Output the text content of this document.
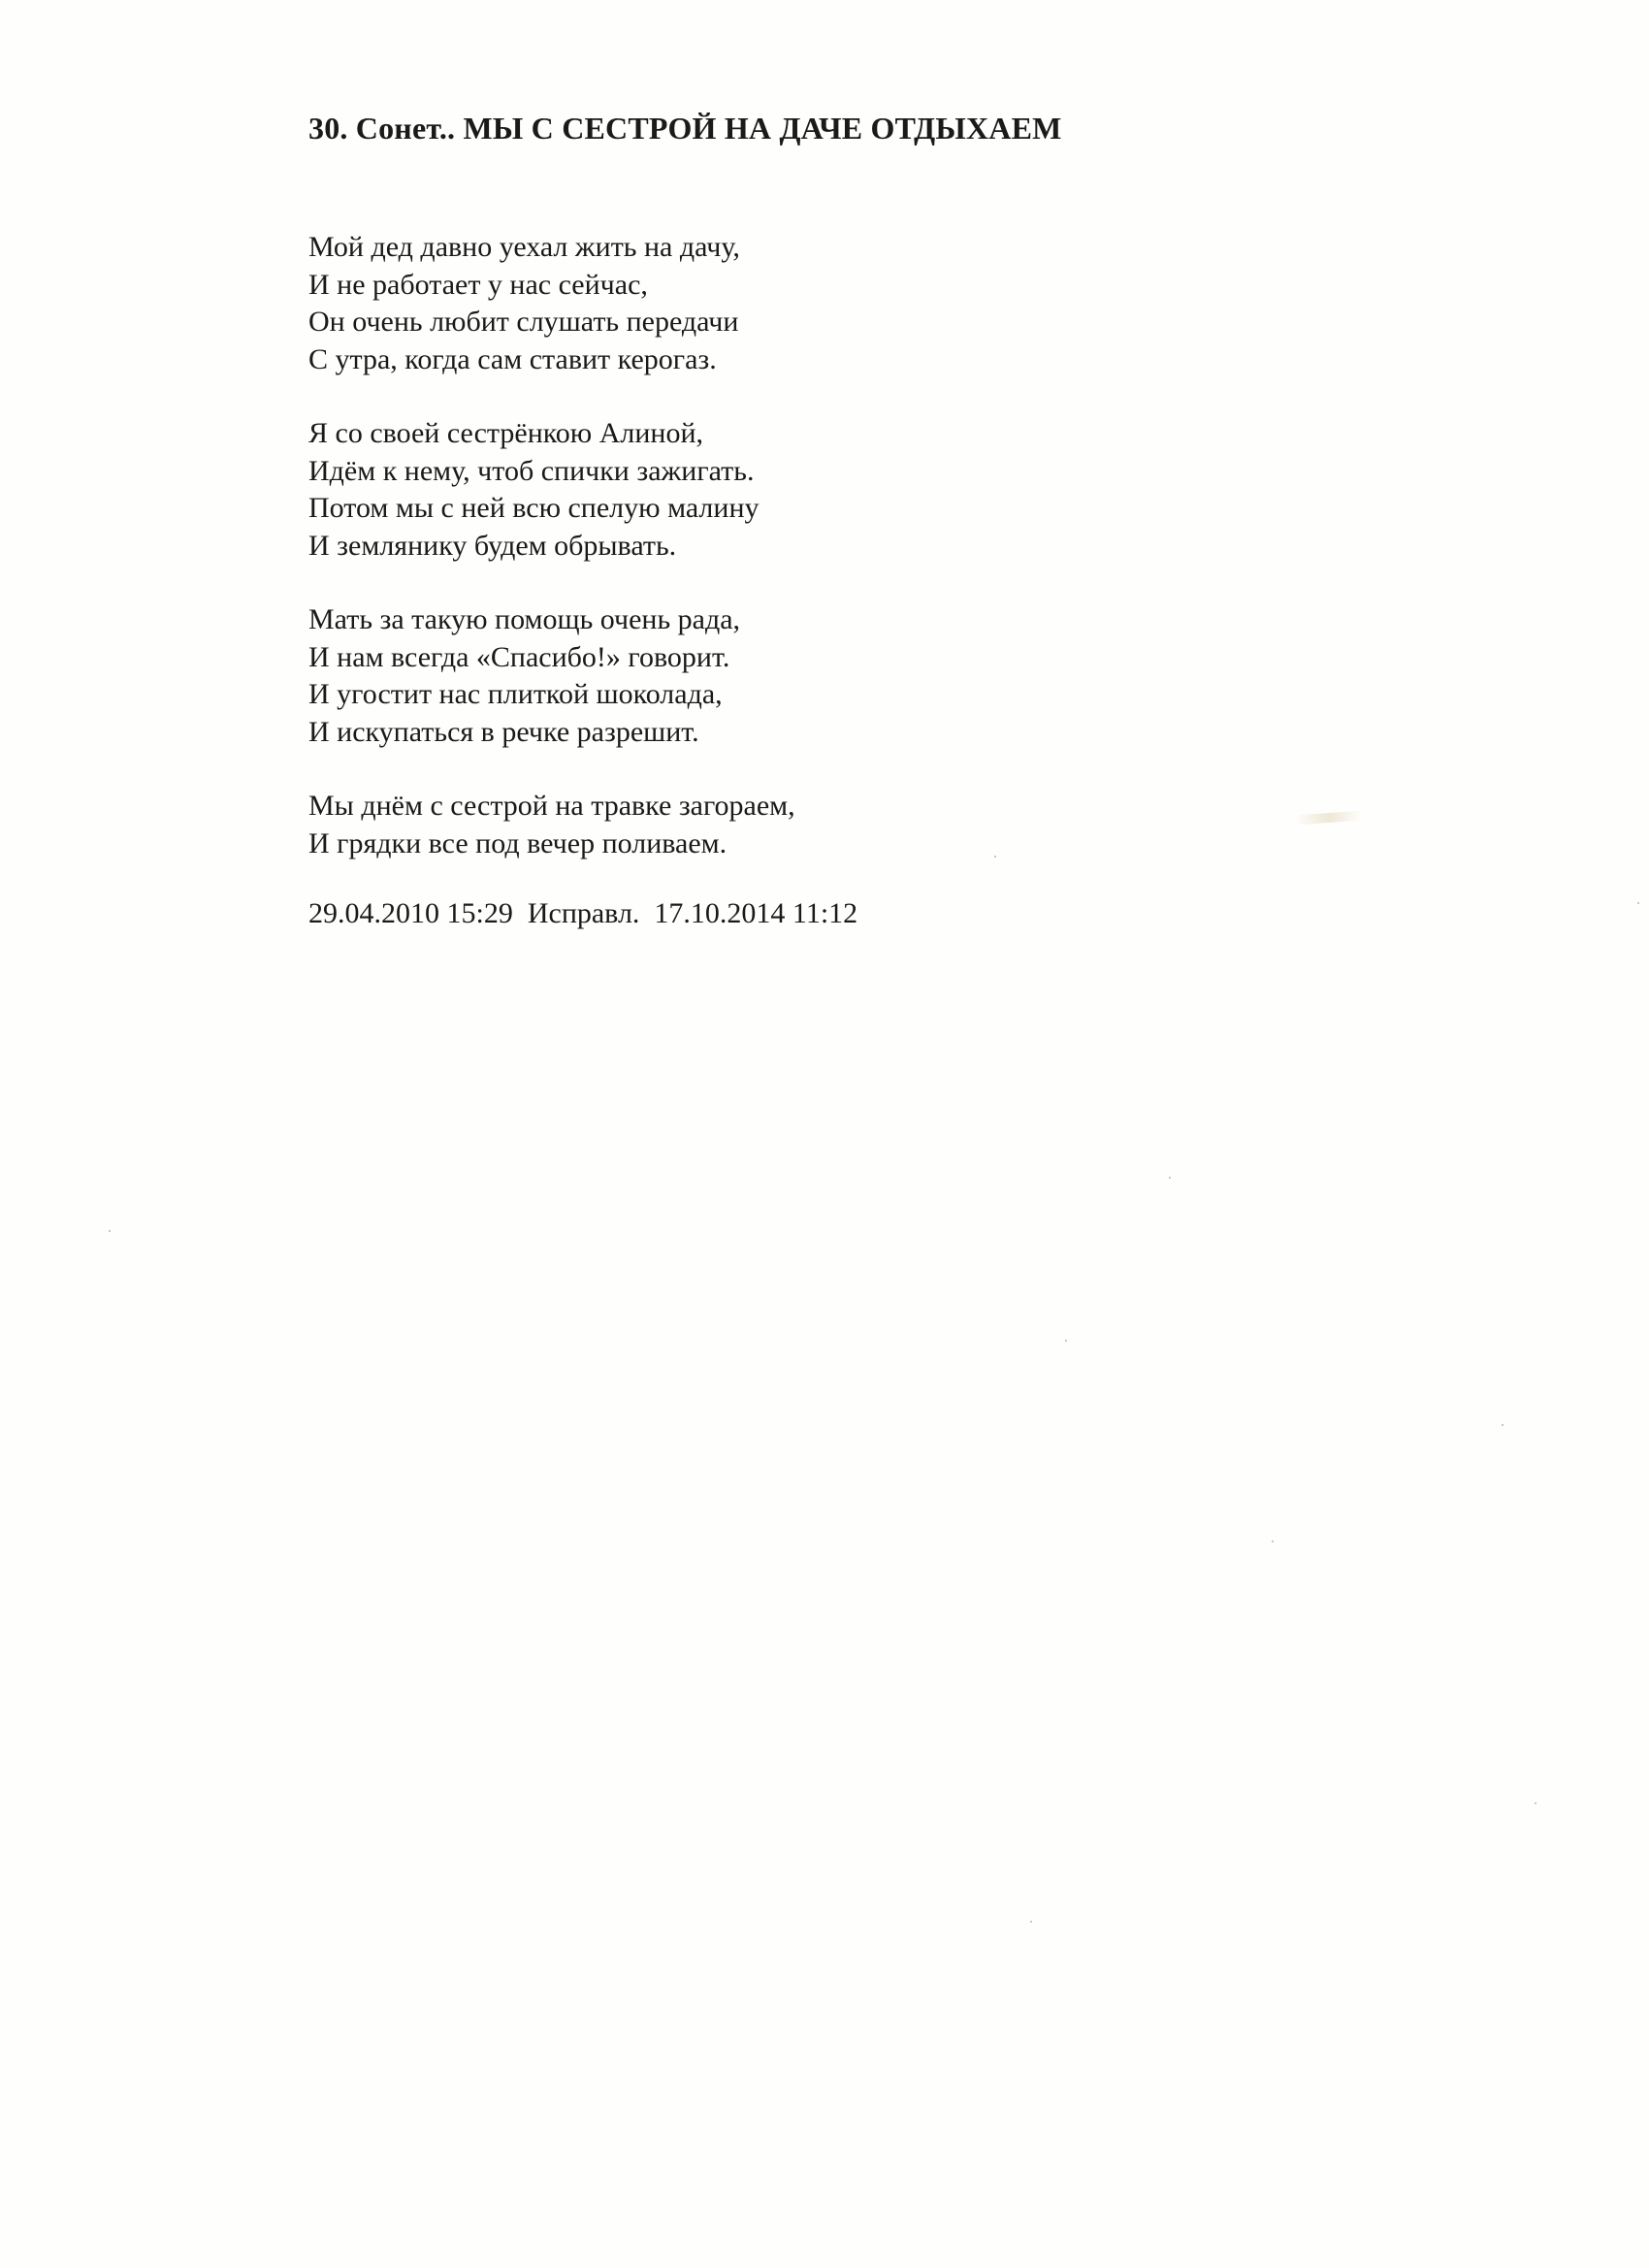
30. Сонет.. МЫ С СЕСТРОЙ НА ДАЧЕ ОТДЫХАЕМ

Мой дед давно уехал жить на дачу,
И не работает у нас сейчас,
Он очень любит слушать передачи
С утра, когда сам ставит керогаз.

Я со своей сестрёнкою Алиной,
Идём к нему, чтоб спички зажигать.
Потом мы с ней всю спелую малину
И землянику будем обрывать.

Мать за такую помощь очень рада,
И нам всегда «Спасибо!» говорит.
И угостит нас плиткой шоколада,
И искупаться в речке разрешит.

Мы днём с сестрой на травке загораем,
И грядки все под вечер поливаем.

29.04.2010 15:29  Исправл.  17.10.2014 11:12
